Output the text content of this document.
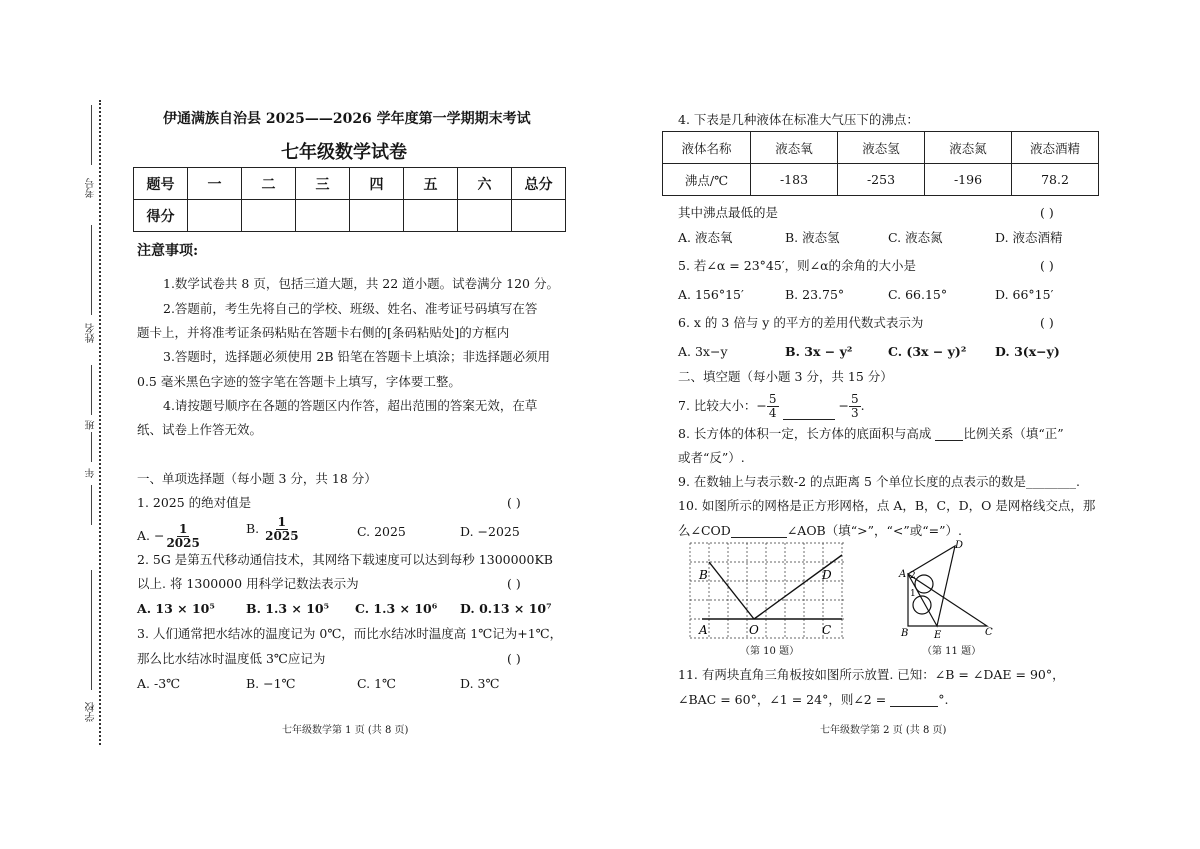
考号
姓名
班
年
学校
伊通满族自治县 2025——2026 学年度第一学期期末考试
七年级数学试卷
题号	一	二	三	四	五	六	总分
得分							
注意事项:
1.数学试卷共 8 页，包括三道大题，共 22 道小题。试卷满分 120 分。
2.答题前，考生先将自己的学校、班级、姓名、准考证号码填写在答
题卡上，并将准考证条码粘贴在答题卡右侧的[条码粘贴处]的方框内
3.答题时，选择题必须使用 2B 铅笔在答题卡上填涂；非选择题必须用
0.5 毫米黑色字迹的签字笔在答题卡上填写，字体要工整。
4.请按题号顺序在各题的答题区内作答，超出范围的答案无效，在草
纸、试卷上作答无效。
一、单项选择题（每小题 3 分，共 18 分）
1. 2025 的绝对值是	( )
A. − $\frac{1}{2025}$	B. $\frac{1}{2025}$	C. 2025	D. −2025
2. 5G 是第五代移动通信技术，其网络下载速度可以达到每秒 1300000KB
以上. 将 1300000 用科学记数法表示为	( )
A. 13 × 10⁵ B. 1.3 × 10⁵ C. 1.3 × 10⁶ D. 0.13 × 10⁷
3. 人们通常把水结冰的温度记为 0℃，而比水结冰时温度高 1℃记为+1℃，
那么比水结冰时温度低 3℃应记为	( )
A. -3℃	B. −1℃	C. 1℃	D. 3℃
七年级数学第 1 页 (共 8 页)
4. 下表是几种液体在标准大气压下的沸点：
液体名称	液态氧	液态氢	液态氮	液态酒精
沸点/℃	-183	-253	-196	78.2
其中沸点最低的是	( )
A. 液态氧	B. 液态氢	C. 液态氮	D. 液态酒精
5. 若∠α = 23°45′，则∠α的余角的大小是	( )
A. 156°15′	B. 23.75°	C. 66.15°	D. 66°15′
6. x 的 3 倍与 y 的平方的差用代数式表示为	( )
A. 3x−y	B. 3x − y²	C. (3x − y)² D. 3(x−y)
二、填空题（每小题 3 分，共 15 分）
7. 比较大小：− $\frac{5}{4}$	− $\frac{5}{3}$ .
8. 长方体的体积一定，长方体的底面积与高成	比例关系（填“正”
或者“反”）.
9. 在数轴上与表示数-2 的点距离 5 个单位长度的点表示的数是________.
10. 如图所示的网格是正方形网格，点 A，B，C，D，O 是网格线交点，那
么∠COD	∠AOB（填“>”，“<”或“=”）.
B	D
A	O	C
（第 10 题）
D
A 2
1
B	E	C
（第 11 题）
11. 有两块直角三角板按如图所示放置. 已知：∠B = ∠DAE = 90°，
∠BAC = 60°，∠1 = 24°，则∠2 =	°.
七年级数学第 2 页 (共 8 页)
